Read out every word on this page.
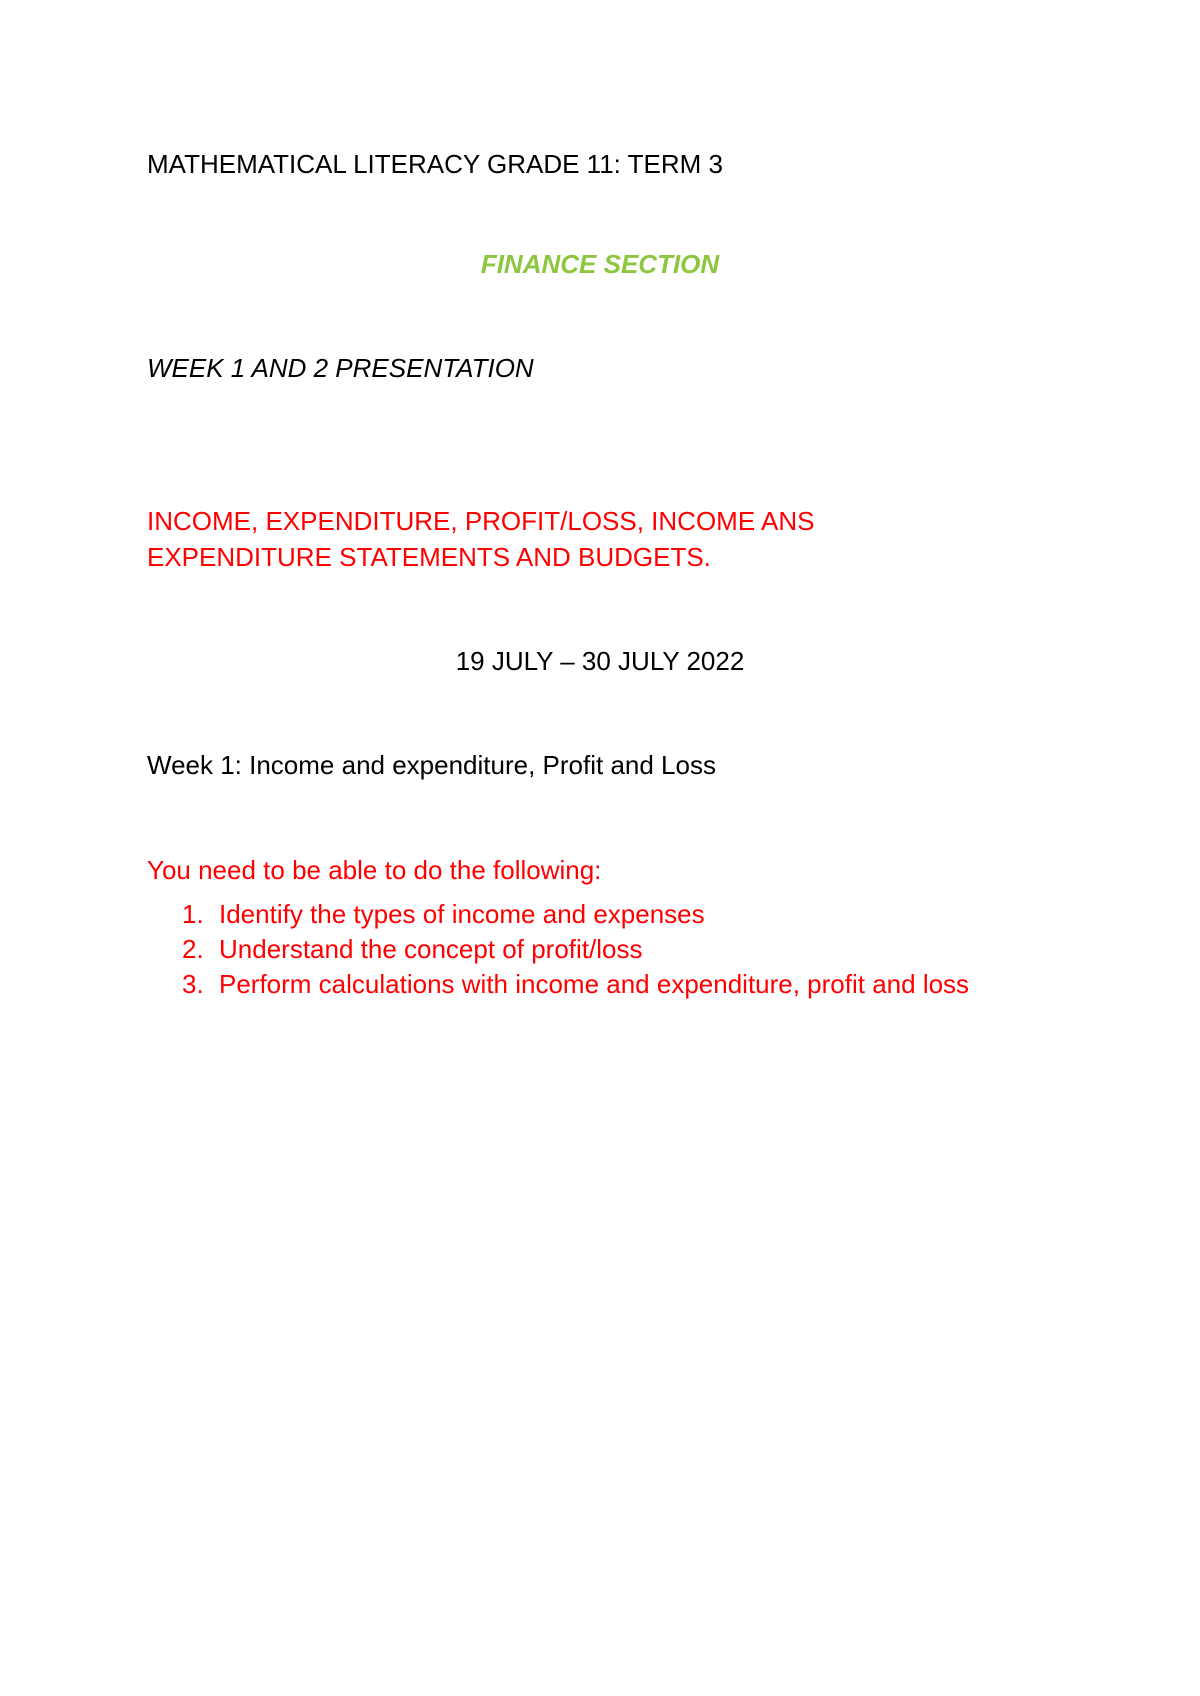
MATHEMATICAL LITERACY GRADE 11: TERM 3
FINANCE SECTION
WEEK 1 AND 2 PRESENTATION
INCOME, EXPENDITURE, PROFIT/LOSS, INCOME ANS
EXPENDITURE STATEMENTS AND BUDGETS.
19 JULY – 30 JULY 2022
Week 1: Income and expenditure, Profit and Loss
You need to be able to do the following:
1. Identify the types of income and expenses
2. Understand the concept of profit/loss
3. Perform calculations with income and expenditure, profit and loss
